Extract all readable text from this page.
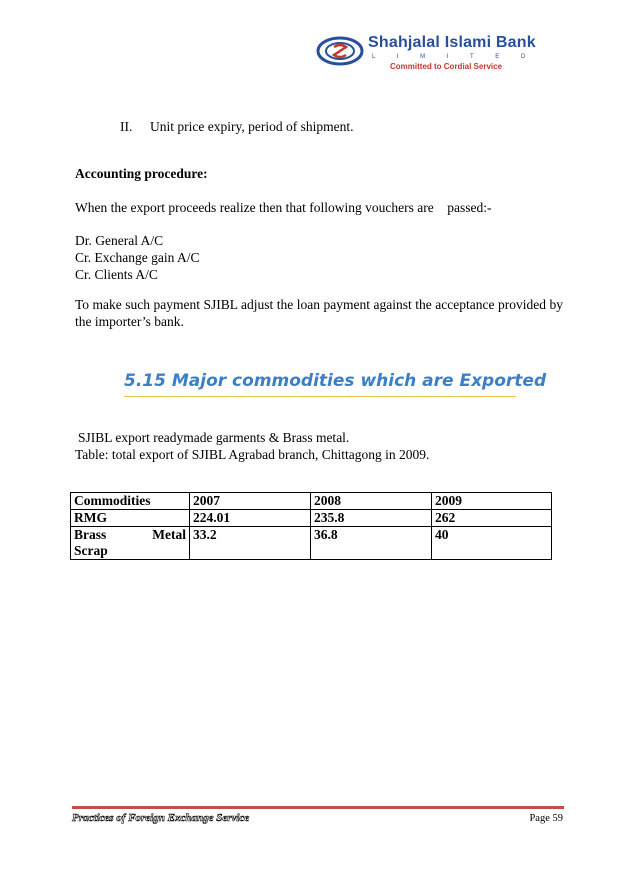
Shahjalal Islami Bank
L I M I T E D
Committed to Cordial Service
II. Unit price expiry, period of shipment.
Accounting procedure:
When the export proceeds realize then that following vouchers are    passed:-
Dr. General A/C
Cr. Exchange gain A/C
Cr. Clients A/C
To make such payment SJIBL adjust the loan payment against the acceptance provided by the importer’s bank.
5.15 Major commodities which are Exported
SJIBL export readymade garments & Brass metal.
Table: total export of SJIBL Agrabad branch, Chittagong in 2009.
Commodities	2007	2008	2009
RMG	224.01	235.8	262

Brass Metal
Scrap	33.2	36.8	40
Practices of Foreign Exchange Service	Page 59
